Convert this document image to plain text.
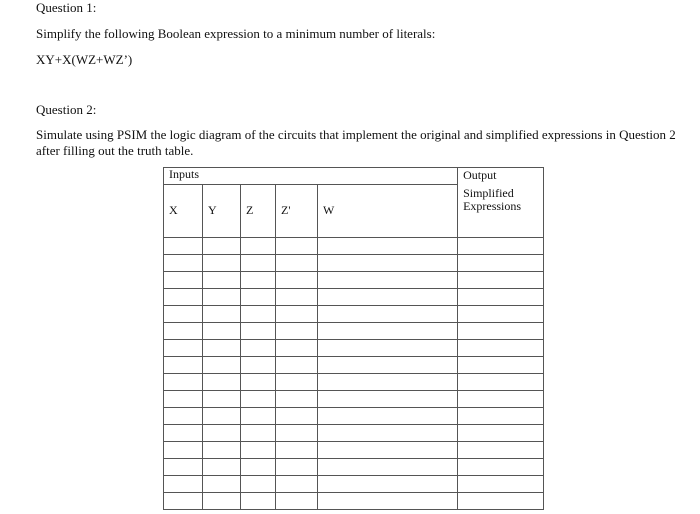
Question 1:
Simplify the following Boolean expression to a minimum number of literals:
XY+X(WZ+WZ’)
Question 2:
Simulate using PSIM the logic diagram of the circuits that implement the original and simplified expressions in Question 2 after filling out the truth table.
Inputs					Output
Simplified
Expressions

X	Y	Z	Z'	W	
